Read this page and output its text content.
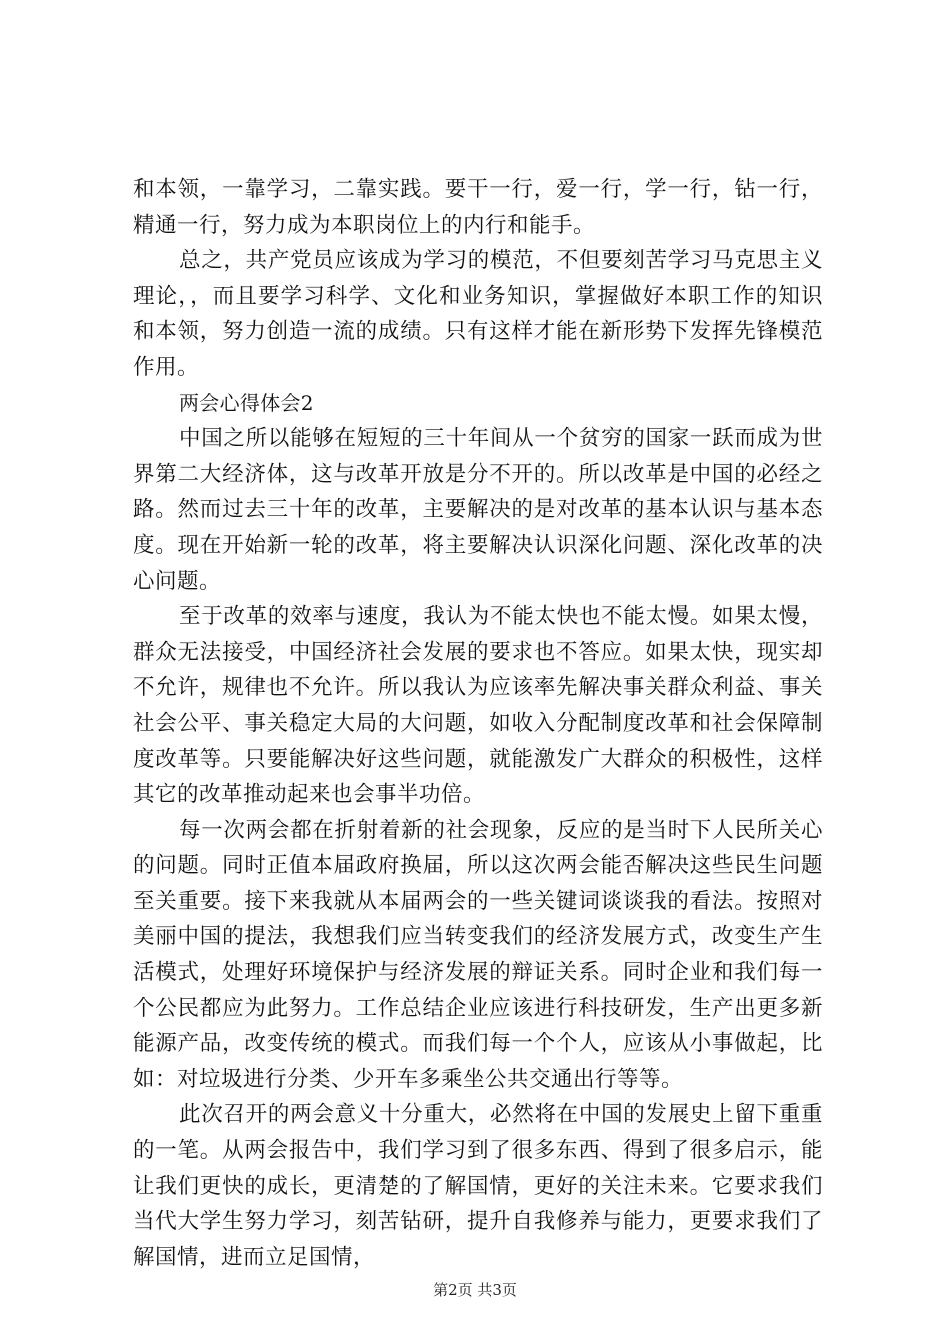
和本领，一靠学习，二靠实践。要干一行，爱一行，学一行，钻一行，精通一行，努力成为本职岗位上的内行和能手。

总之，共产党员应该成为学习的模范，不但要刻苦学习马克思主义理论，，而且要学习科学、文化和业务知识，掌握做好本职工作的知识和本领，努力创造一流的成绩。只有这样才能在新形势下发挥先锋模范作用。

两会心得体会2

中国之所以能够在短短的三十年间从一个贫穷的国家一跃而成为世界第二大经济体，这与改革开放是分不开的。所以改革是中国的必经之路。然而过去三十年的改革，主要解决的是对改革的基本认识与基本态度。现在开始新一轮的改革，将主要解决认识深化问题、深化改革的决心问题。

至于改革的效率与速度，我认为不能太快也不能太慢。如果太慢，群众无法接受，中国经济社会发展的要求也不答应。如果太快，现实却不允许，规律也不允许。所以我认为应该率先解决事关群众利益、事关社会公平、事关稳定大局的大问题，如收入分配制度改革和社会保障制度改革等。只要能解决好这些问题，就能激发广大群众的积极性，这样其它的改革推动起来也会事半功倍。

每一次两会都在折射着新的社会现象，反应的是当时下人民所关心的问题。同时正值本届政府换届，所以这次两会能否解决这些民生问题至关重要。接下来我就从本届两会的一些关键词谈谈我的看法。按照对美丽中国的提法，我想我们应当转变我们的经济发展方式，改变生产生活模式，处理好环境保护与经济发展的辩证关系。同时企业和我们每一个公民都应为此努力。工作总结企业应该进行科技研发，生产出更多新能源产品，改变传统的模式。而我们每一个个人，应该从小事做起，比如：对垃圾进行分类、少开车多乘坐公共交通出行等等。

此次召开的两会意义十分重大，必然将在中国的发展史上留下重重的一笔。从两会报告中，我们学习到了很多东西、得到了很多启示，能让我们更快的成长，更清楚的了解国情，更好的关注未来。它要求我们当代大学生努力学习，刻苦钻研，提升自我修养与能力，更要求我们了解国情，进而立足国情，

第2页 共3页
